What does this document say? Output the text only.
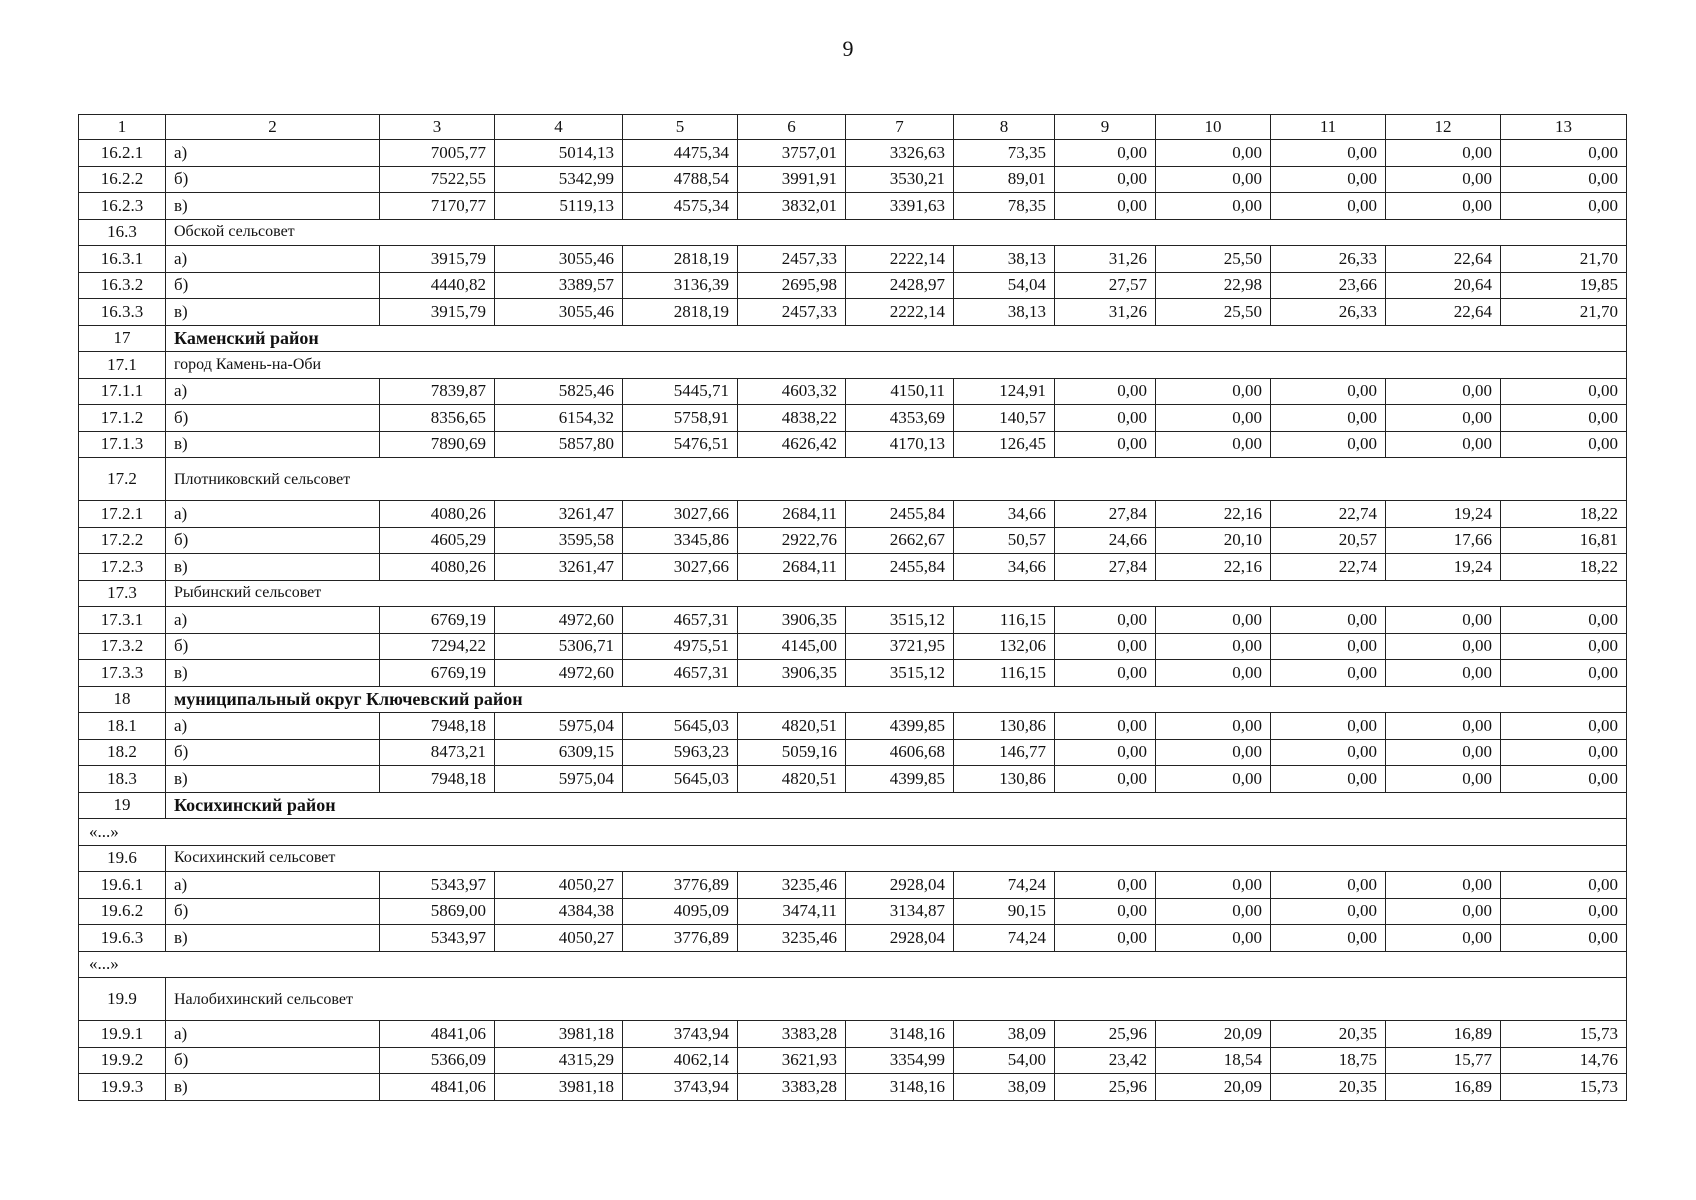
9
1	2	3	4	5	6	7	8	9	10	11	12	13
16.2.1	а)	7005,77	5014,13	4475,34	3757,01	3326,63	73,35	0,00	0,00	0,00	0,00	0,00
16.2.2	б)	7522,55	5342,99	4788,54	3991,91	3530,21	89,01	0,00	0,00	0,00	0,00	0,00
16.2.3	в)	7170,77	5119,13	4575,34	3832,01	3391,63	78,35	0,00	0,00	0,00	0,00	0,00
16.3	Обской сельсовет											
16.3.1	а)	3915,79	3055,46	2818,19	2457,33	2222,14	38,13	31,26	25,50	26,33	22,64	21,70
16.3.2	б)	4440,82	3389,57	3136,39	2695,98	2428,97	54,04	27,57	22,98	23,66	20,64	19,85
16.3.3	в)	3915,79	3055,46	2818,19	2457,33	2222,14	38,13	31,26	25,50	26,33	22,64	21,70
17	Каменский район											
17.1	город Камень-на-Оби											
17.1.1	а)	7839,87	5825,46	5445,71	4603,32	4150,11	124,91	0,00	0,00	0,00	0,00	0,00
17.1.2	б)	8356,65	6154,32	5758,91	4838,22	4353,69	140,57	0,00	0,00	0,00	0,00	0,00
17.1.3	в)	7890,69	5857,80	5476,51	4626,42	4170,13	126,45	0,00	0,00	0,00	0,00	0,00
17.2	Плотниковский сельсовет											
17.2.1	а)	4080,26	3261,47	3027,66	2684,11	2455,84	34,66	27,84	22,16	22,74	19,24	18,22
17.2.2	б)	4605,29	3595,58	3345,86	2922,76	2662,67	50,57	24,66	20,10	20,57	17,66	16,81
17.2.3	в)	4080,26	3261,47	3027,66	2684,11	2455,84	34,66	27,84	22,16	22,74	19,24	18,22
17.3	Рыбинский сельсовет											
17.3.1	а)	6769,19	4972,60	4657,31	3906,35	3515,12	116,15	0,00	0,00	0,00	0,00	0,00
17.3.2	б)	7294,22	5306,71	4975,51	4145,00	3721,95	132,06	0,00	0,00	0,00	0,00	0,00
17.3.3	в)	6769,19	4972,60	4657,31	3906,35	3515,12	116,15	0,00	0,00	0,00	0,00	0,00
18	муниципальный округ Ключевский район											
18.1	а)	7948,18	5975,04	5645,03	4820,51	4399,85	130,86	0,00	0,00	0,00	0,00	0,00
18.2	б)	8473,21	6309,15	5963,23	5059,16	4606,68	146,77	0,00	0,00	0,00	0,00	0,00
18.3	в)	7948,18	5975,04	5645,03	4820,51	4399,85	130,86	0,00	0,00	0,00	0,00	0,00
19	Косихинский район											
«...»												
19.6	Косихинский сельсовет											
19.6.1	а)	5343,97	4050,27	3776,89	3235,46	2928,04	74,24	0,00	0,00	0,00	0,00	0,00
19.6.2	б)	5869,00	4384,38	4095,09	3474,11	3134,87	90,15	0,00	0,00	0,00	0,00	0,00
19.6.3	в)	5343,97	4050,27	3776,89	3235,46	2928,04	74,24	0,00	0,00	0,00	0,00	0,00
«...»												
19.9	Налобихинский сельсовет											
19.9.1	а)	4841,06	3981,18	3743,94	3383,28	3148,16	38,09	25,96	20,09	20,35	16,89	15,73
19.9.2	б)	5366,09	4315,29	4062,14	3621,93	3354,99	54,00	23,42	18,54	18,75	15,77	14,76
19.9.3	в)	4841,06	3981,18	3743,94	3383,28	3148,16	38,09	25,96	20,09	20,35	16,89	15,73
